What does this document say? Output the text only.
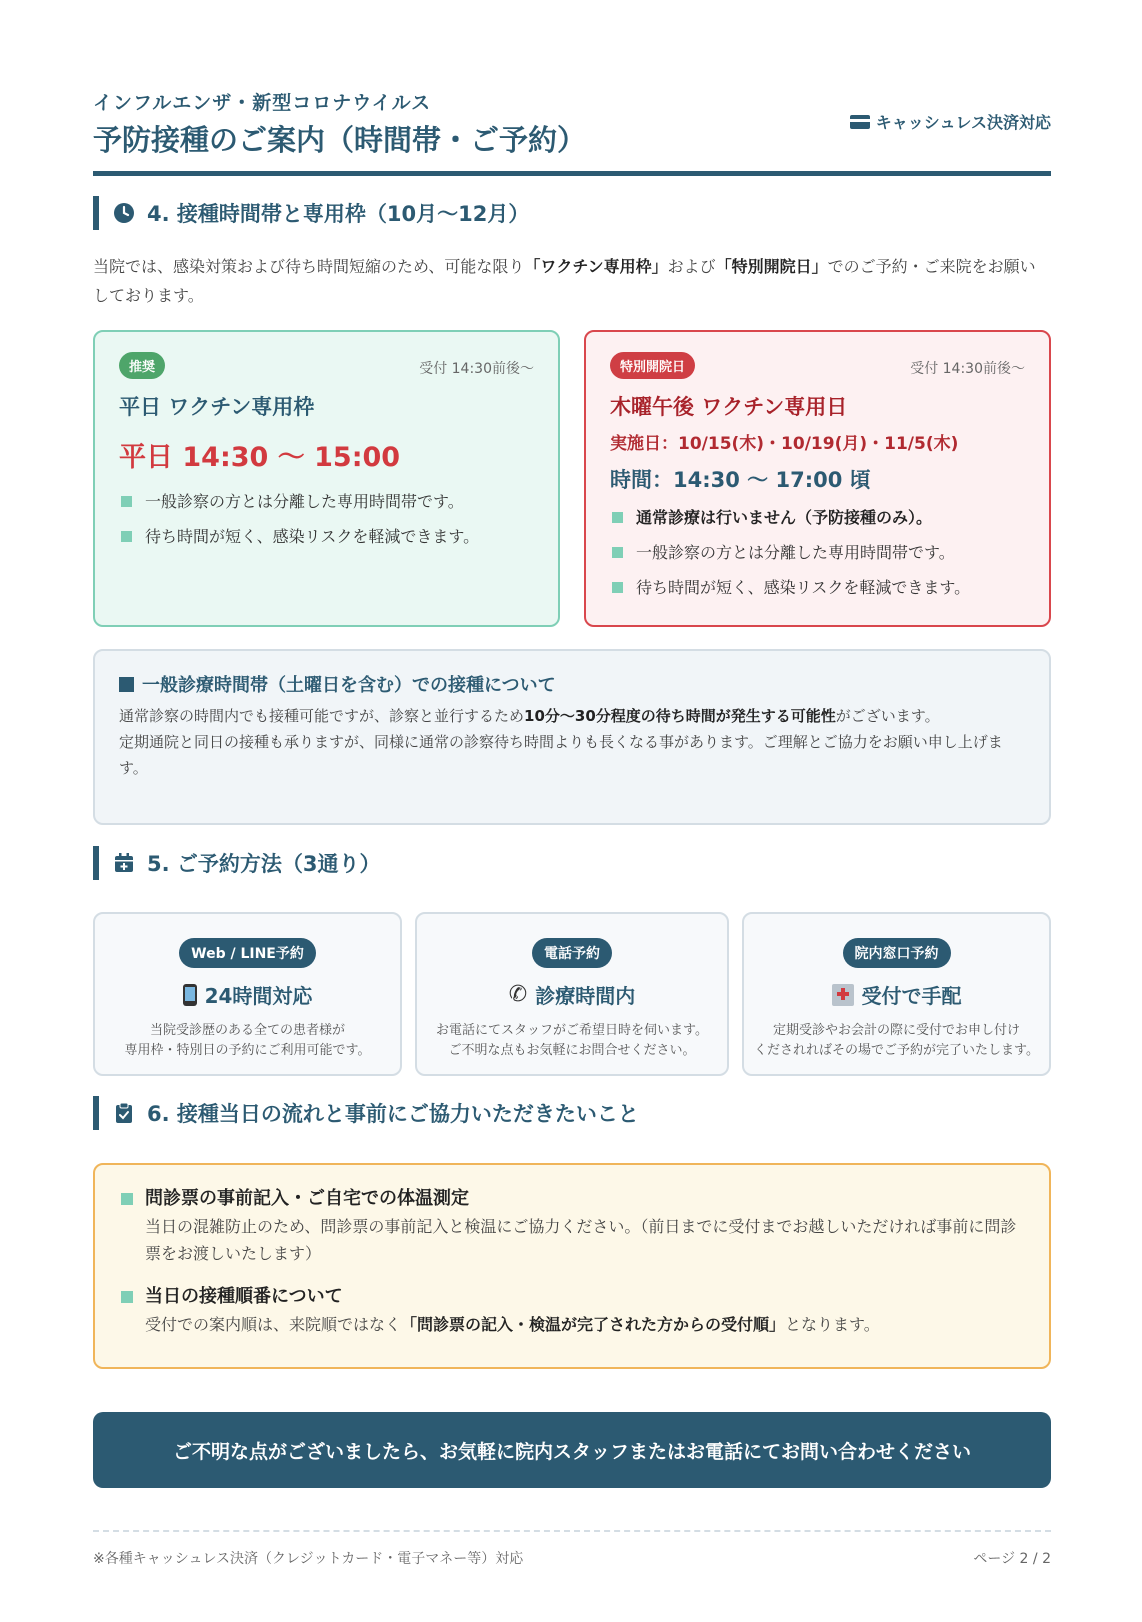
インフルエンザ・新型コロナウイルス
予防接種のご案内（時間帯・ご予約）
キャッシュレス決済対応
4. 接種時間帯と専用枠（10月〜12月）
当院では、感染対策および待ち時間短縮のため、可能な限り「ワクチン専用枠」および「特別開院日」でのご予約・ご来院をお願いしております。
推奨	受付 14:30前後〜
平日 ワクチン専用枠
平日 14:30 〜 15:00
一般診察の方とは分離した専用時間帯です。
待ち時間が短く、感染リスクを軽減できます。
特別開院日	受付 14:30前後〜
木曜午後 ワクチン専用日
実施日：10/15(木)・10/19(月)・11/5(木)
時間：14:30 〜 17:00 頃
通常診療は行いません（予防接種のみ）。
一般診察の方とは分離した専用時間帯です。
待ち時間が短く、感染リスクを軽減できます。
一般診療時間帯（土曜日を含む）での接種について
通常診察の時間内でも接種可能ですが、診察と並行するため10分〜30分程度の待ち時間が発生する可能性がございます。
定期通院と同日の接種も承りますが、同様に通常の診察待ち時間よりも長くなる事があります。ご理解とご協力をお願い申し上げます。
5. ご予約方法（3通り）
Web / LINE予約
24時間対応
当院受診歴のある全ての患者様が
専用枠・特別日の予約にご利用可能です。
電話予約
✆ 診療時間内
お電話にてスタッフがご希望日時を伺います。
ご不明な点もお気軽にお問合せください。
院内窓口予約
受付で手配
定期受診やお会計の際に受付でお申し付け
くだされればその場でご予約が完了いたします。
6. 接種当日の流れと事前にご協力いただきたいこと
問診票の事前記入・ご自宅での体温測定
当日の混雑防止のため、問診票の事前記入と検温にご協力ください。（前日までに受付までお越しいただければ事前に問診票をお渡しいたします）
当日の接種順番について
受付での案内順は、来院順ではなく「問診票の記入・検温が完了された方からの受付順」となります。
ご不明な点がございましたら、お気軽に院内スタッフまたはお電話にてお問い合わせください
※各種キャッシュレス決済（クレジットカード・電子マネー等）対応	ページ 2 / 2
